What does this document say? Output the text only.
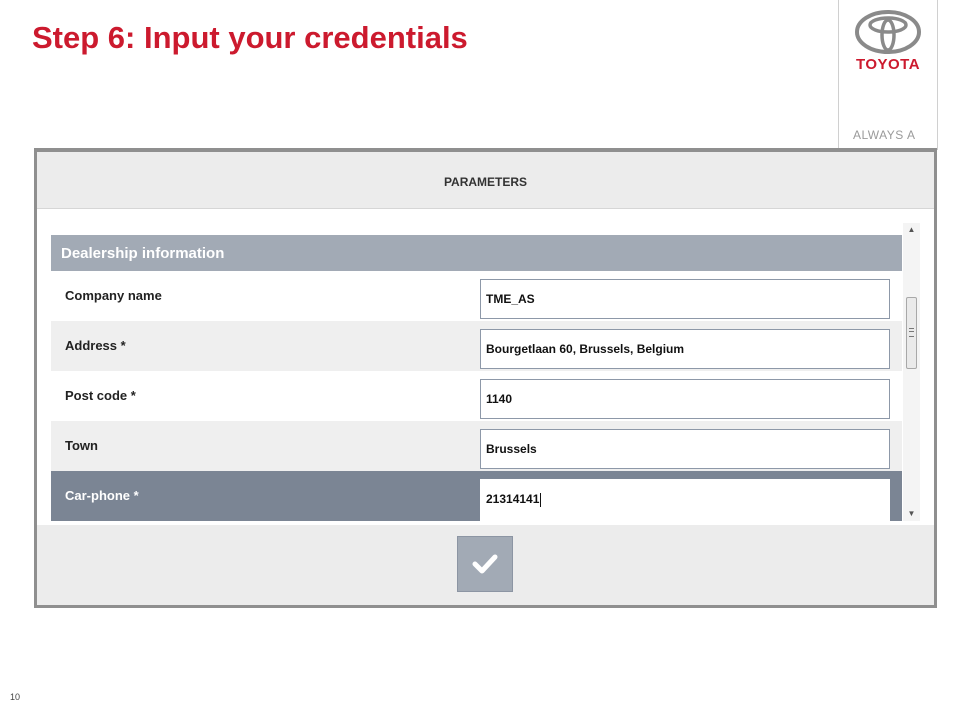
Step 6: Input your credentials
TOYOTA
ALWAYS A
PARAMETERS
Dealership information
Company name	TME_AS
Address *	Bourgetlaan 60, Brussels, Belgium
Post code *	1140
Town	Brussels
Car-phone *	21314141
▲
▼
10
